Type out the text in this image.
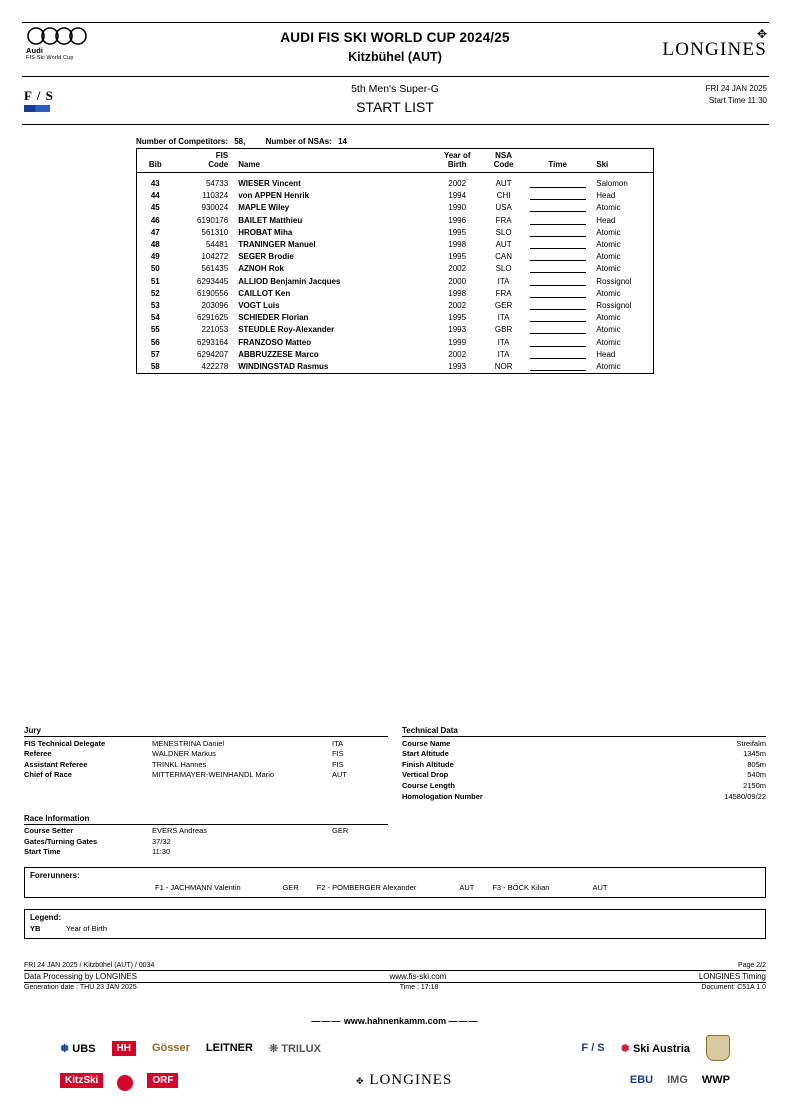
Audi
FIS Ski World Cup
AUDI FIS SKI WORLD CUP 2024/25
Kitzbühel (AUT)
✥
LONGINES
F / S	5th Men's Super-G
START LIST
FRI 24 JAN 2025
Start Time 11:30
Number of Competitors: 58,	Number of NSAs: 14
Bib	
FIS
Code	Name	
Year of
Birth

NSA
Code	Time	Ski

43	54733	WIESER Vincent	2002	AUT		Salomon
44	110324	von APPEN Henrik	1994	CHI		Head
45	930024	MAPLE Wiley	1990	USA		Atomic
46	6190176	BAILET Matthieu	1996	FRA		Head
47	561310	HROBAT Miha	1995	SLO		Atomic
48	54481	TRANINGER Manuel	1998	AUT		Atomic
49	104272	SEGER Brodie	1995	CAN		Atomic
50	561435	AZNOH Rok	2002	SLO		Atomic
51	6293445	ALLIOD Benjamin Jacques	2000	ITA		Rossignol
52	6190556	CAILLOT Ken	1998	FRA		Atomic
53	203096	VOGT Luis	2002	GER		Rossignol
54	6291625	SCHIEDER Florian	1995	ITA		Atomic
55	221053	STEUDLE Roy-Alexander	1993	GBR		Atomic
56	6293164	FRANZOSO Matteo	1999	ITA		Atomic
57	6294207	ABBRUZZESE Marco	2002	ITA		Head
58	422278	WINDINGSTAD Rasmus	1993	NOR		Atomic
Jury
FIS Technical Delegate	MENESTRINA Daniel	ITA
Referee	WALDNER Markus	FIS
Assistant Referee	TRINKL Hannes	FIS
Chief of Race	MITTERMAYER-WEINHANDL Mario	AUT
Technical Data
Course Name	Streifalm
Start Altitude	1345m
Finish Altitude	805m
Vertical Drop	540m
Course Length	2150m
Homologation Number	14580/09/22
Race Information
Course Setter	EVERS Andreas	GER
Gates/Turning Gates	37/32
Start Time	11:30
Forerunners:
F1 - JACHMANN Valentin	GER	F2 - POMBERGER Alexander	AUT	F3 - BÖCK Kilian	AUT
Legend:
YB	Year of Birth
FRI 24 JAN 2025 / Kitzbühel (AUT) / 0034	Page 2/2
Data Processing by LONGINES	www.fis-ski.com	LONGINES Timing
Generation date : THU 23 JAN 2025	Time : 17:18	Document: C51A 1.0
——— www.hahnenkamm.com ———
❅ UBS	HH	Gösser LEITNER ❊ TRILUX	F / S ❅ Ski Austria
KitzSki	ORF	✥ LONGINES	EBU IMG WWP
